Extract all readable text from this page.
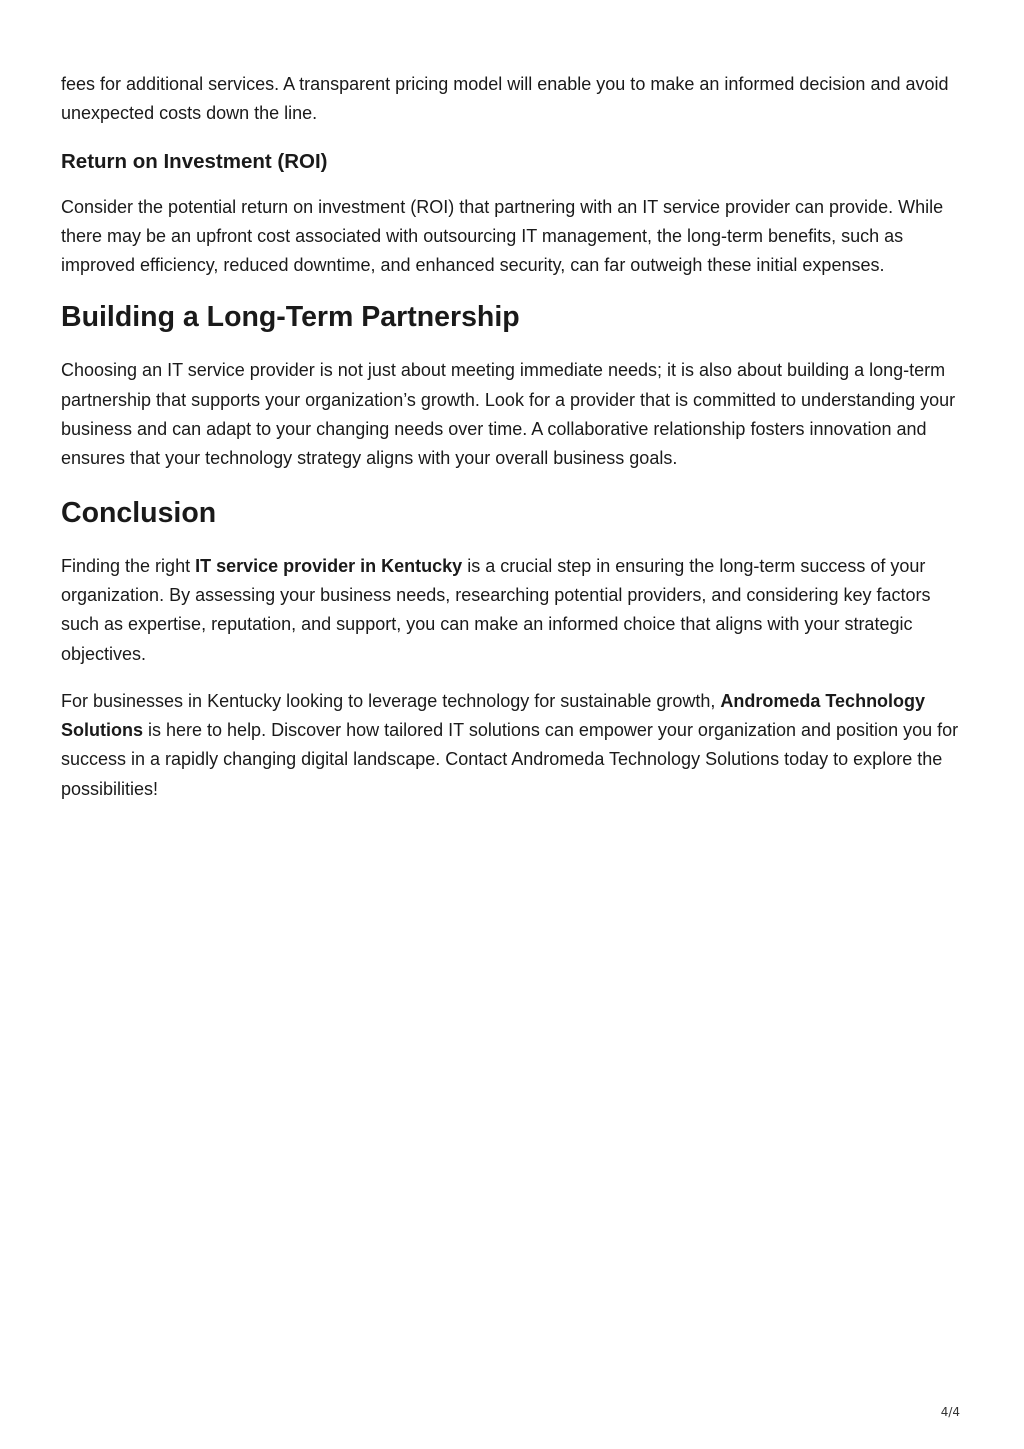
fees for additional services. A transparent pricing model will enable you to make an informed decision and avoid unexpected costs down the line.

Return on Investment (ROI)

Consider the potential return on investment (ROI) that partnering with an IT service provider can provide. While there may be an upfront cost associated with outsourcing IT management, the long-term benefits, such as improved efficiency, reduced downtime, and enhanced security, can far outweigh these initial expenses.

Building a Long-Term Partnership

Choosing an IT service provider is not just about meeting immediate needs; it is also about building a long-term partnership that supports your organization’s growth. Look for a provider that is committed to understanding your business and can adapt to your changing needs over time. A collaborative relationship fosters innovation and ensures that your technology strategy aligns with your overall business goals.

Conclusion

Finding the right IT service provider in Kentucky is a crucial step in ensuring the long-term success of your organization. By assessing your business needs, researching potential providers, and considering key factors such as expertise, reputation, and support, you can make an informed choice that aligns with your strategic objectives.

For businesses in Kentucky looking to leverage technology for sustainable growth, Andromeda Technology Solutions is here to help. Discover how tailored IT solutions can empower your organization and position you for success in a rapidly changing digital landscape. Contact Andromeda Technology Solutions today to explore the possibilities!

4/4
